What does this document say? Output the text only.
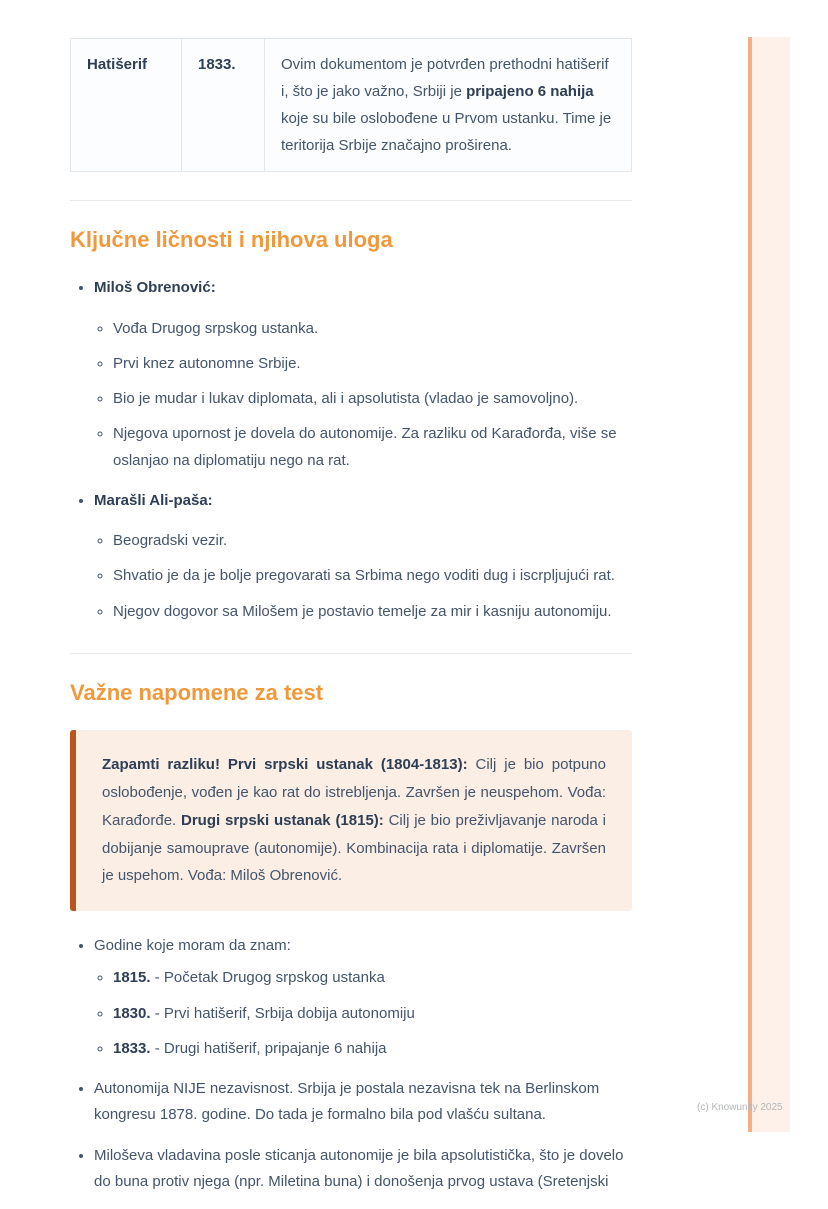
(c) Knowunity 2025
Hatišerif	1833.	Ovim dokumentom je potvrđen prethodni hatišerif i, što je jako važno, Srbiji je pripajeno 6 nahija koje su bile oslobođene u Prvom ustanku. Time je teritorija Srbije značajno proširena.
Ključne ličnosti i njihova uloga
• Miloš Obrenović:
◦ Vođa Drugog srpskog ustanka.
◦ Prvi knez autonomne Srbije.
◦ Bio je mudar i lukav diplomata, ali i apsolutista (vladao je samovoljno).
◦ Njegova upornost je dovela do autonomije. Za razliku od Karađorđa, više se oslanjao na diplomatiju nego na rat.
• Marašli Ali-paša:
◦ Beogradski vezir.
◦ Shvatio je da je bolje pregovarati sa Srbima nego voditi dug i iscrpljujući rat.
◦ Njegov dogovor sa Milošem je postavio temelje za mir i kasniju autonomiju.
Važne napomene za test
Zapamti razliku! Prvi srpski ustanak (1804-1813): Cilj je bio potpuno oslobođenje, vođen je kao rat do istrebljenja. Završen je neuspehom. Vođa: Karađorđe. Drugi srpski ustanak (1815): Cilj je bio preživljavanje naroda i dobijanje samouprave (autonomije). Kombinacija rata i diplomatije. Završen je uspehom. Vođa: Miloš Obrenović.
• Godine koje moram da znam:
◦ 1815. - Početak Drugog srpskog ustanka
◦ 1830. - Prvi hatišerif, Srbija dobija autonomiju
◦ 1833. - Drugi hatišerif, pripajanje 6 nahija
• Autonomija NIJE nezavisnost. Srbija je postala nezavisna tek na Berlinskom kongresu 1878. godine. Do tada je formalno bila pod vlašću sultana.
• Miloševa vladavina posle sticanja autonomije je bila apsolutistička, što je dovelo do buna protiv njega (npr. Miletina buna) i donošenja prvog ustava (Sretenjski
